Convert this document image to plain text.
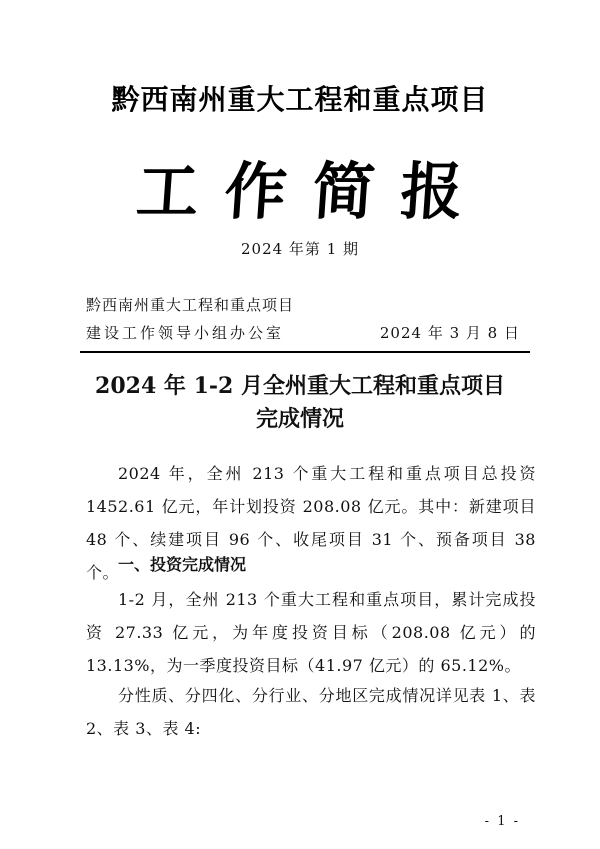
黔西南州重大工程和重点项目
工作简报
2024 年第 1 期
黔西南州重大工程和重点项目
建设工作领导小组办公室	2024 年 3 月 8 日
2024 年 1-2 月全州重大工程和重点项目
完成情况
2024 年，全州 213 个重大工程和重点项目总投资 1452.61 亿元，年计划投资 208.08 亿元。其中：新建项目 48 个、续建项目 96 个、收尾项目 31 个、预备项目 38 个。
一、投资完成情况
1-2 月，全州 213 个重大工程和重点项目，累计完成投资 27.33 亿元，为年度投资目标（208.08 亿元）的 13.13%，为一季度投资目标（41.97 亿元）的 65.12%。
分性质、分四化、分行业、分地区完成情况详见表 1、表 2、表 3、表 4:
- 1 -
